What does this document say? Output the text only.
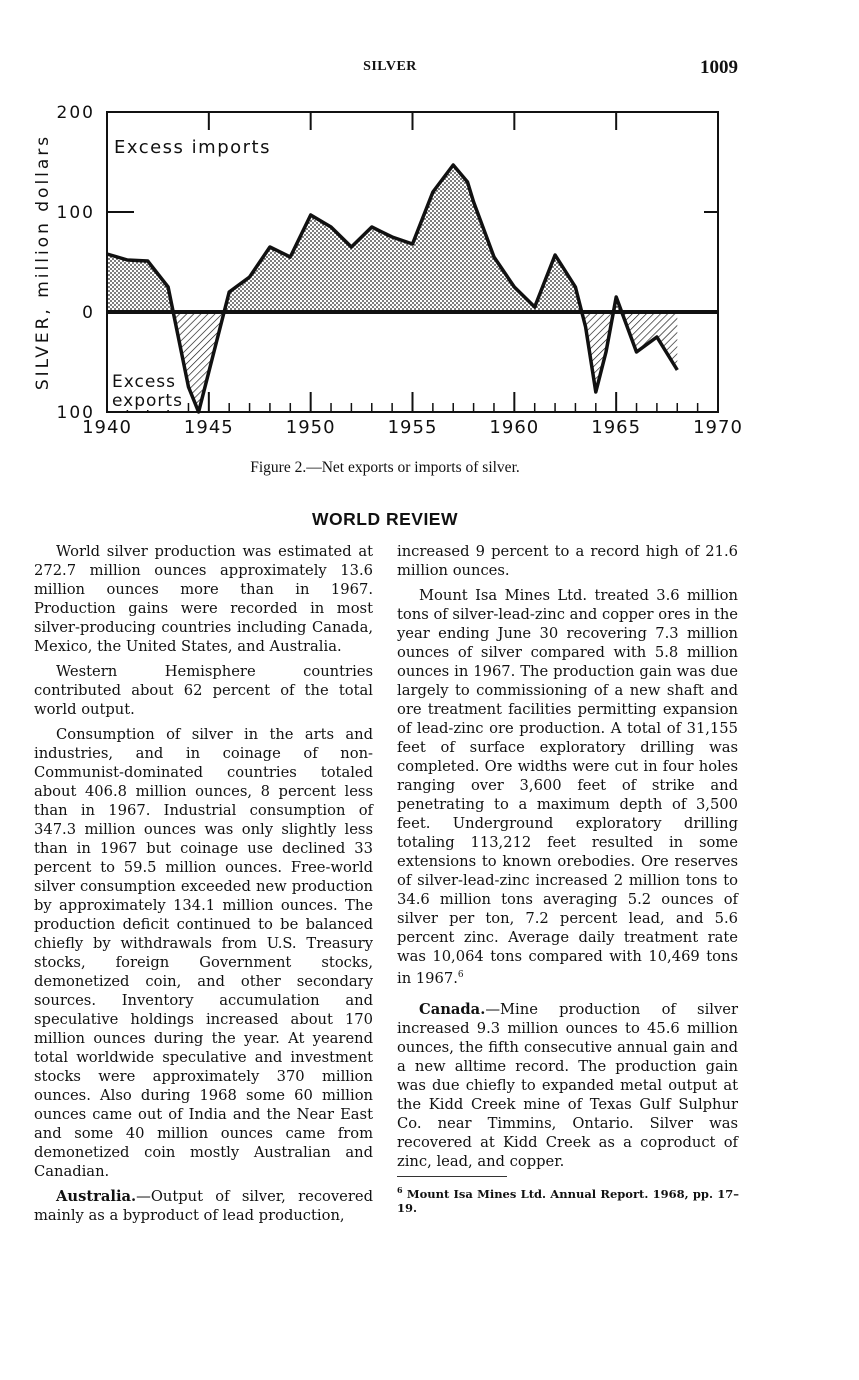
SILVER	1009
200
100
0
100
1940	1945	1950	1955	1960	1965	1970
SILVER, million dollars	Excess imports
Excess
exports
Figure 2.—Net exports or imports of silver.
WORLD REVIEW

World silver production was estimated at 272.7 million ounces approximately 13.6 million ounces more than in 1967. Production gains were recorded in most silver-producing countries including Canada, Mexico, the United States, and Australia.

Western Hemisphere countries contributed about 62 percent of the total world output.

Consumption of silver in the arts and industries, and in coinage of non-Communist-dominated countries totaled about 406.8 million ounces, 8 percent less than in 1967. Industrial consumption of 347.3 million ounces was only slightly less than in 1967 but coinage use declined 33 percent to 59.5 million ounces. Free-world silver consumption exceeded new production by approximately 134.1 million ounces. The production deficit continued to be balanced chiefly by withdrawals from U.S. Treasury stocks, foreign Government stocks, demonetized coin, and other secondary sources. Inventory accumulation and speculative holdings increased about 170 million ounces during the year. At yearend total worldwide speculative and investment stocks were approximately 370 million ounces. Also during 1968 some 60 million ounces came out of India and the Near East and some 40 million ounces came from demonetized coin mostly Australian and Canadian.

Australia.—Output of silver, recovered mainly as a byproduct of lead production,

increased 9 percent to a record high of 21.6 million ounces.

Mount Isa Mines Ltd. treated 3.6 million tons of silver-lead-zinc and copper ores in the year ending June 30 recovering 7.3 million ounces of silver compared with 5.8 million ounces in 1967. The production gain was due largely to commissioning of a new shaft and ore treatment facilities permitting expansion of lead-zinc ore production. A total of 31,155 feet of surface exploratory drilling was completed. Ore widths were cut in four holes ranging over 3,600 feet of strike and penetrating to a maximum depth of 3,500 feet. Underground exploratory drilling totaling 113,212 feet resulted in some extensions to known orebodies. Ore reserves of silver-lead-zinc increased 2 million tons to 34.6 million tons averaging 5.2 ounces of silver per ton, 7.2 percent lead, and 5.6 percent zinc. Average daily treatment rate was 10,064 tons compared with 10,469 tons in 1967.$^6$

Canada.—Mine production of silver increased 9.3 million ounces to 45.6 million ounces, the fifth consecutive annual gain and a new alltime record. The production gain was due chiefly to expanded metal output at the Kidd Creek mine of Texas Gulf Sulphur Co. near Timmins, Ontario. Silver was recovered at Kidd Creek as a coproduct of zinc, lead, and copper.

$^6$ Mount Isa Mines Ltd. Annual Report. 1968, pp. 17–19.
